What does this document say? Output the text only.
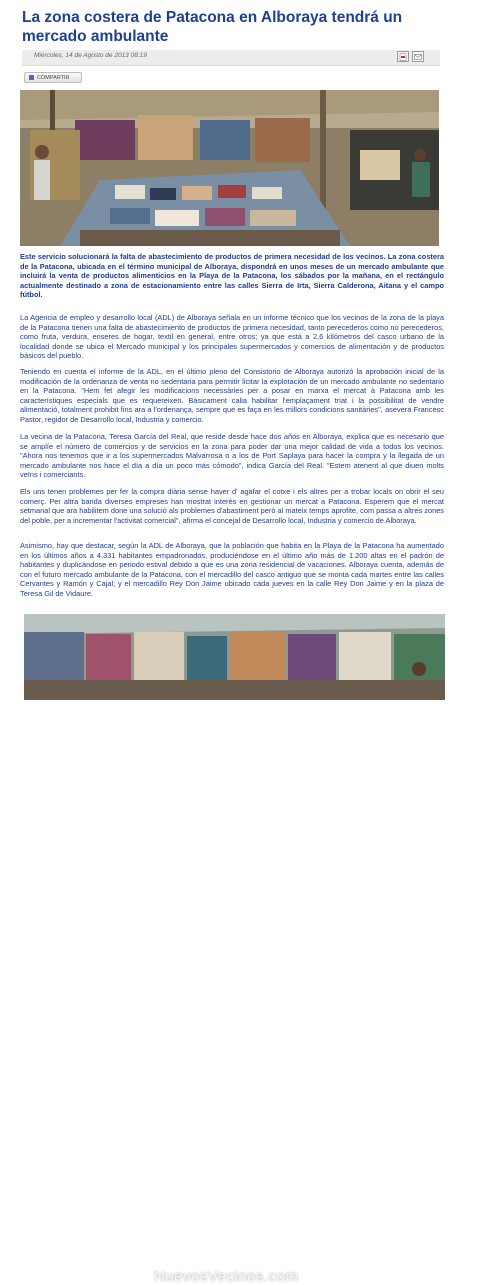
La zona costera de Patacona en Alboraya tendrá un mercado ambulante
Miércoles, 14 de Agosto de 2013 08:19
COMPARTIR

Este servicio solucionará la falta de abastecimiento de productos de primera necesidad de los vecinos. La zona costera de la Patacona, ubicada en el término municipal de Alboraya, dispondrá en unos meses de un mercado ambulante que incluirá la venta de productos alimenticios en la Playa de la Patacona, los sábados por la mañana, en el rectángulo actualmente destinado a zona de estacionamiento entre las calles Sierra de Irta, Sierra Calderona, Aitana y el campo fútbol.

La Agencia de empleo y desarrollo local (ADL) de Alboraya señala en un informe técnico que los vecinos de la zona de la playa de la Patacona tienen una falta de abastecimiento de productos de primera necesidad, tanto perecederos como no perecederos, como fruta, verdura, enseres de hogar, textil en general, entre otros; ya que está a 2,6 kilómetros del casco urbano de la localidad donde se ubica el Mercado municipal y los principales supermercados y comercios de alimentación y de productos básicos del pueblo.

Teniendo en cuenta el informe de la ADL, en el último pleno del Consistorio de Alboraya autorizó la aprobación inicial de la modificación de la ordenanza de venta no sedentaria para permitir licitar la explotación de un mercado ambulante no sedentario en la Patacona. "Hem fet afegir les modificacions necessàries per a posar en marxa el mercat à Patacona amb les característiques especials que es requereixen. Bàsicament calia habilitar l'emplaçament triat i la possibilitat de vendre alimentació, totalment prohibit fins ara a l'ordenança, sempre que es faça en les millors condicions sanitàries", asevera Francesc Pastor, regidor de Desarrollo local, Industria y comercio.

La vecina de la Patacona, Teresa García del Real, que reside desde hace dos años en Alboraya, explica que es necesario que se amplíe el número de comercios y de servicios en la zona para poder dar una mejor calidad de vida a todos los vecinos. "Ahora nos tenemos que ir a los supermercados Malvarrosa o a los de Port Saplaya para hacer la compra y la llegada de un mercado ambulante nos hace el día a día un poco más cómodo", indica García del Real. "Estem atenent al que diuen molts veïns i comerciants.

Els uns tenen problemes per fer la compra diària sense haver d' agafar el cotxe i els altres per a trobar locals on obrir el seu comerç. Per altra banda diverses empreses han mostrat interès en gestionar un mercat a Patacona. Esperem que el mercat setmanal que ara habilitem done una solució als problemes d'abastiment però al mateix temps aprofite, com passa a altres zones del poble, per a incrementar l'activitat comercial", afirma el concejal de Desarrollo local, Industria y comercio de Alboraya.

Asimismo, hay que destacar, según la ADL de Alboraya, que la población que habita en la Playa de la Patacona ha aumentado en los últimos años a 4.331 habitantes empadronados, produciéndose en el último año más de 1.200 altas en el padrón de habitantes y duplicándose en periodo estival debido a que es una zona residencial de vacaciones. Alboraya cuenta, además de con el futuro mercado ambulante de la Patacona, con el mercadillo del casco antiguo que se monta cada martes entre las calles Cervantes y Ramón y Cajal; y el mercadillo Rey Don Jaime ubicado cada jueves en la calle Rey Don Jaime y en la plaza de Teresa Gil de Vidaure.

NuevosVecinos.com
